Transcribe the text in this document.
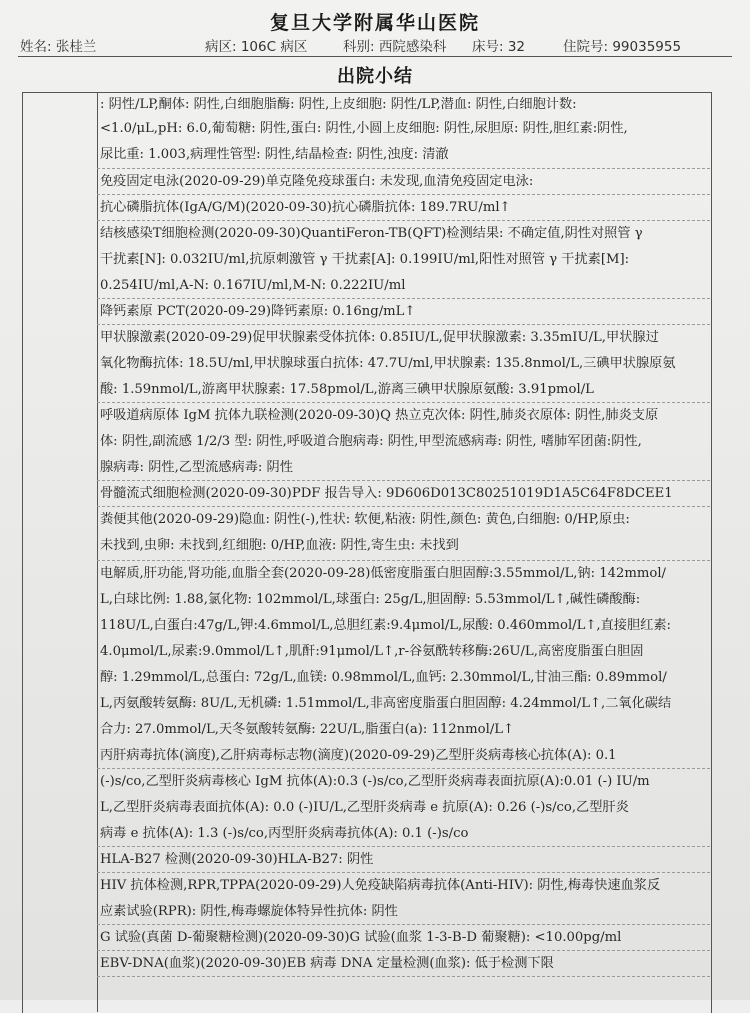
复旦大学附属华山医院
姓名: 张桂兰	病区: 106C 病区	科别: 西院感染科 床号: 32	住院号: 99035955
出院小结
: 阴性/LP,酮体: 阴性,白细胞脂酶: 阴性,上皮细胞: 阴性/LP,潜血: 阴性,白细胞计数:
<1.0/μL,pH: 6.0,葡萄糖: 阴性,蛋白: 阴性,小圆上皮细胞: 阴性,尿胆原: 阴性,胆红素:阴性,
尿比重: 1.003,病理性管型: 阴性,结晶检查: 阴性,浊度: 清澈
免疫固定电泳(2020-09-29)单克隆免疫球蛋白: 未发现,血清免疫固定电泳:
抗心磷脂抗体(IgA/G/M)(2020-09-30)抗心磷脂抗体: 189.7RU/ml↑
结核感染T细胞检测(2020-09-30)QuantiFeron-TB(QFT)检测结果: 不确定值,阴性对照管 γ
干扰素[N]: 0.032IU/ml,抗原刺激管 γ 干扰素[A]: 0.199IU/ml,阳性对照管 γ 干扰素[M]:
0.254IU/ml,A-N: 0.167IU/ml,M-N: 0.222IU/ml
降钙素原 PCT(2020-09-29)降钙素原: 0.16ng/mL↑
甲状腺激素(2020-09-29)促甲状腺素受体抗体: 0.85IU/L,促甲状腺激素: 3.35mIU/L,甲状腺过
氧化物酶抗体: 18.5U/ml,甲状腺球蛋白抗体: 47.7U/ml,甲状腺素: 135.8nmol/L,三碘甲状腺原氨
酸: 1.59nmol/L,游离甲状腺素: 17.58pmol/L,游离三碘甲状腺原氨酸: 3.91pmol/L
呼吸道病原体 IgM 抗体九联检测(2020-09-30)Q 热立克次体: 阴性,肺炎衣原体: 阴性,肺炎支原
体: 阴性,副流感 1/2/3 型: 阴性,呼吸道合胞病毒: 阴性,甲型流感病毒: 阴性, 嗜肺军团菌:阴性,
腺病毒: 阴性,乙型流感病毒: 阴性
骨髓流式细胞检测(2020-09-30)PDF 报告导入: 9D606D013C80251019D1A5C64F8DCEE1
粪便其他(2020-09-29)隐血: 阴性(-),性状: 软便,粘液: 阴性,颜色: 黄色,白细胞: 0/HP,原虫:
未找到,虫卵: 未找到,红细胞: 0/HP,血液: 阴性,寄生虫: 未找到
电解质,肝功能,肾功能,血脂全套(2020-09-28)低密度脂蛋白胆固醇:3.55mmol/L,钠: 142mmol/
L,白球比例: 1.88,氯化物: 102mmol/L,球蛋白: 25g/L,胆固醇: 5.53mmol/L↑,碱性磷酸酶:
118U/L,白蛋白:47g/L,钾:4.6mmol/L,总胆红素:9.4μmol/L,尿酸: 0.460mmol/L↑,直接胆红素:
4.0μmol/L,尿素:9.0mmol/L↑,肌酐:91μmol/L↑,r-谷氨酰转移酶:26U/L,高密度脂蛋白胆固
醇: 1.29mmol/L,总蛋白: 72g/L,血镁: 0.98mmol/L,血钙: 2.30mmol/L,甘油三酯: 0.89mmol/
L,丙氨酸转氨酶: 8U/L,无机磷: 1.51mmol/L,非高密度脂蛋白胆固醇: 4.24mmol/L↑,二氧化碳结
合力: 27.0mmol/L,天冬氨酸转氨酶: 22U/L,脂蛋白(a): 112nmol/L↑
丙肝病毒抗体(滴度),乙肝病毒标志物(滴度)(2020-09-29)乙型肝炎病毒核心抗体(A): 0.1
(-)s/co,乙型肝炎病毒核心 IgM 抗体(A):0.3 (-)s/co,乙型肝炎病毒表面抗原(A):0.01 (-) IU/m
L,乙型肝炎病毒表面抗体(A): 0.0 (-)IU/L,乙型肝炎病毒 e 抗原(A): 0.26 (-)s/co,乙型肝炎
病毒 e 抗体(A): 1.3 (-)s/co,丙型肝炎病毒抗体(A): 0.1 (-)s/co
HLA-B27 检测(2020-09-30)HLA-B27: 阴性
HIV 抗体检测,RPR,TPPA(2020-09-29)人免疫缺陷病毒抗体(Anti-HIV): 阴性,梅毒快速血浆反
应素试验(RPR): 阴性,梅毒螺旋体特异性抗体: 阴性
G 试验(真菌 D-葡聚糖检测)(2020-09-30)G 试验(血浆 1-3-B-D 葡聚糖): <10.00pg/ml
EBV-DNA(血浆)(2020-09-30)EB 病毒 DNA 定量检测(血浆): 低于检测下限
